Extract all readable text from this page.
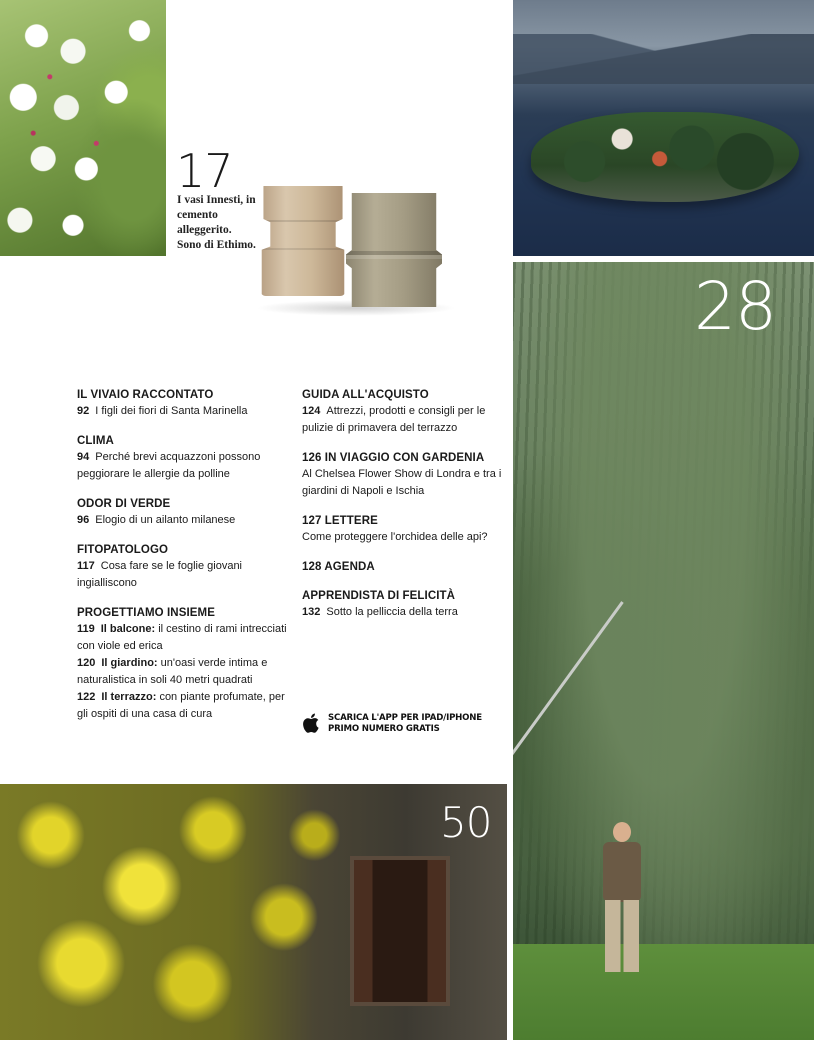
28
50
17
I vasi Innesti, in cemento alleggerito. Sono di Ethimo.
IL VIVAIO RACCONTATO
92 I figli dei fiori di Santa Marinella
CLIMA
94 Perché brevi acquazzoni possono peggiorare le allergie da polline
ODOR DI VERDE
96 Elogio di un ailanto milanese
FITOPATOLOGO
117 Cosa fare se le foglie giovani ingialliscono
PROGETTIAMO INSIEME
119 Il balcone: il cestino di rami intrecciati con viole ed erica
120 Il giardino: un'oasi verde intima e naturalistica in soli 40 metri quadrati
122 Il terrazzo: con piante profumate, per gli ospiti di una casa di cura
GUIDA ALL'ACQUISTO
124 Attrezzi, prodotti e consigli per le pulizie di primavera del terrazzo
126 IN VIAGGIO CON GARDENIA
Al Chelsea Flower Show di Londra e tra i giardini di Napoli e Ischia
127 LETTERE
Come proteggere l'orchidea delle api?
128 AGENDA
APPRENDISTA DI FELICITÀ
132 Sotto la pelliccia della terra
SCARICA L'APP PER IPAD/IPHONE
PRIMO NUMERO GRATIS
